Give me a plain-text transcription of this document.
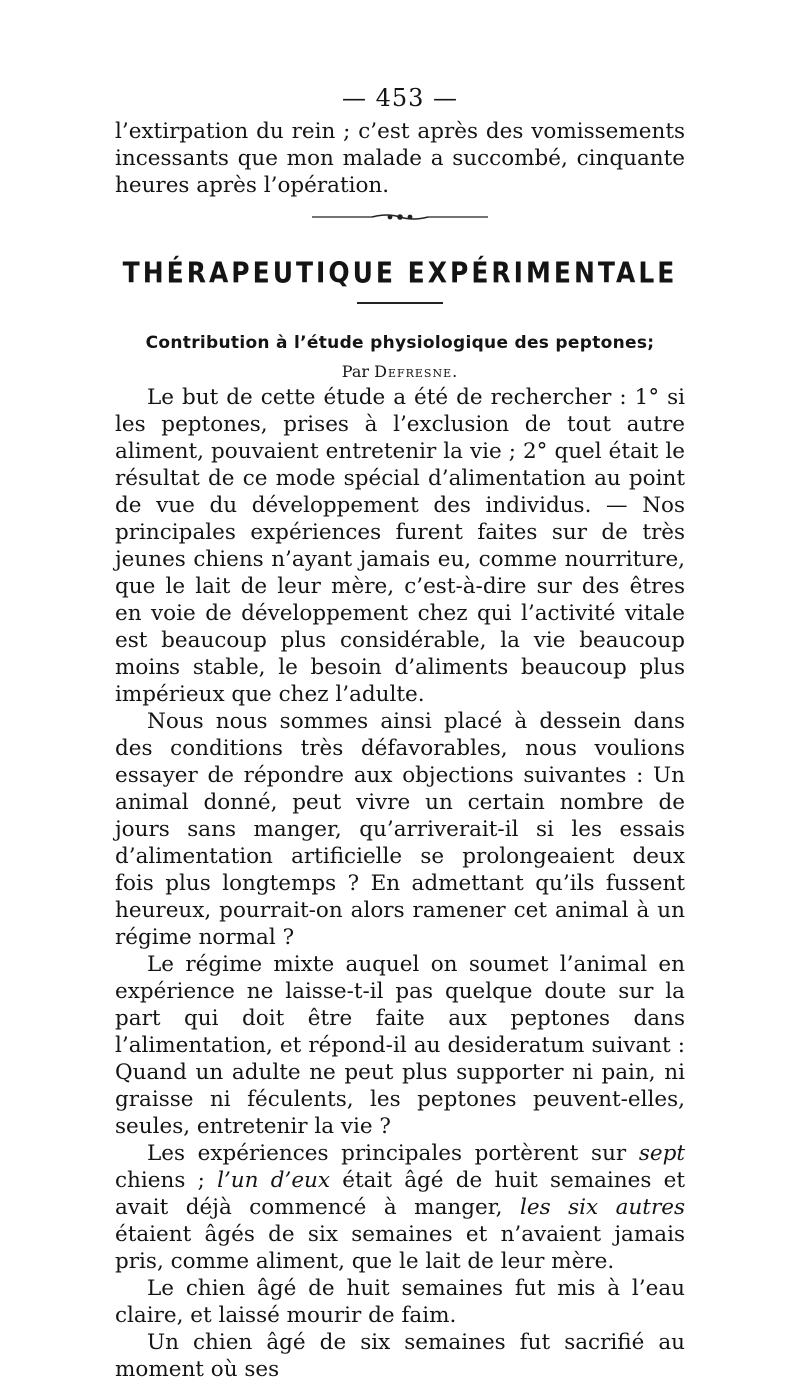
— 453 —

l’extirpation du rein ; c’est après des vomissements incessants que mon malade a succombé, cinquante heures après l’opération.

THÉRAPEUTIQUE EXPÉRIMENTALE
Contribution à l’étude physiologique des peptones;
Par Defresne.

Le but de cette étude a été de rechercher : 1° si les peptones, prises à l’exclusion de tout autre aliment, pouvaient entretenir la vie ; 2° quel était le résultat de ce mode spécial d’alimentation au point de vue du développement des individus. — Nos principales expériences furent faites sur de très jeunes chiens n’ayant jamais eu, comme nourriture, que le lait de leur mère, c’est-à-dire sur des êtres en voie de développement chez qui l’activité vitale est beaucoup plus considérable, la vie beaucoup moins stable, le besoin d’aliments beaucoup plus impérieux que chez l’adulte.

Nous nous sommes ainsi placé à dessein dans des conditions très défavorables, nous voulions essayer de répondre aux objections suivantes : Un animal donné, peut vivre un certain nombre de jours sans manger, qu’arriverait-il si les essais d’alimentation artificielle se prolongeaient deux fois plus longtemps ? En admettant qu’ils fussent heureux, pourrait-on alors ramener cet animal à un régime normal ?

Le régime mixte auquel on soumet l’animal en expérience ne laisse-t-il pas quelque doute sur la part qui doit être faite aux peptones dans l’alimentation, et répond-il au desideratum suivant : Quand un adulte ne peut plus supporter ni pain, ni graisse ni féculents, les peptones peuvent-elles, seules, entretenir la vie ?

Les expériences principales portèrent sur sept chiens ; l’un d’eux était âgé de huit semaines et avait déjà commencé à manger, les six autres étaient âgés de six semaines et n’avaient jamais pris, comme aliment, que le lait de leur mère.

Le chien âgé de huit semaines fut mis à l’eau claire, et laissé mourir de faim.

Un chien âgé de six semaines fut sacrifié au moment où ses
